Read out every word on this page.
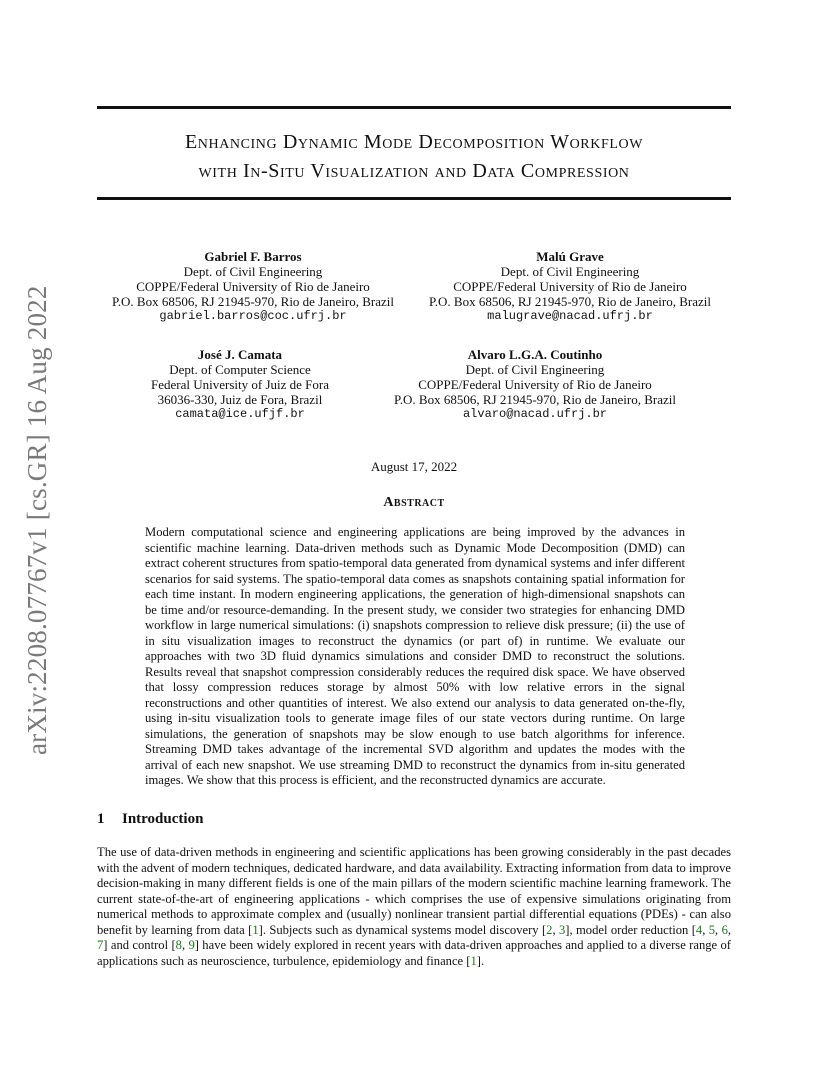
arXiv:2208.07767v1 [cs.GR] 16 Aug 2022
Enhancing Dynamic Mode Decomposition Workflow
with In-Situ Visualization and Data Compression
Gabriel F. Barros
Dept. of Civil Engineering
COPPE/Federal University of Rio de Janeiro
P.O. Box 68506, RJ 21945-970, Rio de Janeiro, Brazil
gabriel.barros@coc.ufrj.br
Malú Grave
Dept. of Civil Engineering
COPPE/Federal University of Rio de Janeiro
P.O. Box 68506, RJ 21945-970, Rio de Janeiro, Brazil
malugrave@nacad.ufrj.br
José J. Camata
Dept. of Computer Science
Federal University of Juiz de Fora
36036-330, Juiz de Fora, Brazil
camata@ice.ufjf.br
Alvaro L.G.A. Coutinho
Dept. of Civil Engineering
COPPE/Federal University of Rio de Janeiro
P.O. Box 68506, RJ 21945-970, Rio de Janeiro, Brazil
alvaro@nacad.ufrj.br
August 17, 2022
Abstract
Modern computational science and engineering applications are being improved by the advances in scientific machine learning. Data-driven methods such as Dynamic Mode Decomposition (DMD) can extract coherent structures from spatio-temporal data generated from dynamical systems and infer different scenarios for said systems. The spatio-temporal data comes as snapshots containing spatial information for each time instant. In modern engineering applications, the generation of high-dimensional snapshots can be time and/or resource-demanding. In the present study, we consider two strategies for enhancing DMD workflow in large numerical simulations: (i) snapshots compression to relieve disk pressure; (ii) the use of in situ visualization images to reconstruct the dynamics (or part of) in runtime. We evaluate our approaches with two 3D fluid dynamics simulations and consider DMD to reconstruct the solutions. Results reveal that snapshot compression considerably reduces the required disk space. We have observed that lossy compression reduces storage by almost 50% with low relative errors in the signal reconstructions and other quantities of interest. We also extend our analysis to data generated on-the-fly, using in-situ visualization tools to generate image files of our state vectors during runtime. On large simulations, the generation of snapshots may be slow enough to use batch algorithms for inference. Streaming DMD takes advantage of the incremental SVD algorithm and updates the modes with the arrival of each new snapshot. We use streaming DMD to reconstruct the dynamics from in-situ generated images. We show that this process is efficient, and the reconstructed dynamics are accurate.
1 Introduction
The use of data-driven methods in engineering and scientific applications has been growing considerably in the past decades with the advent of modern techniques, dedicated hardware, and data availability. Extracting information from data to improve decision-making in many different fields is one of the main pillars of the modern scientific machine learning framework. The current state-of-the-art of engineering applications - which comprises the use of expensive simulations originating from numerical methods to approximate complex and (usually) nonlinear transient partial differential equations (PDEs) - can also benefit by learning from data [1]. Subjects such as dynamical systems model discovery [2, 3], model order reduction [4, 5, 6, 7] and control [8, 9] have been widely explored in recent years with data-driven approaches and applied to a diverse range of applications such as neuroscience, turbulence, epidemiology and finance [1].
